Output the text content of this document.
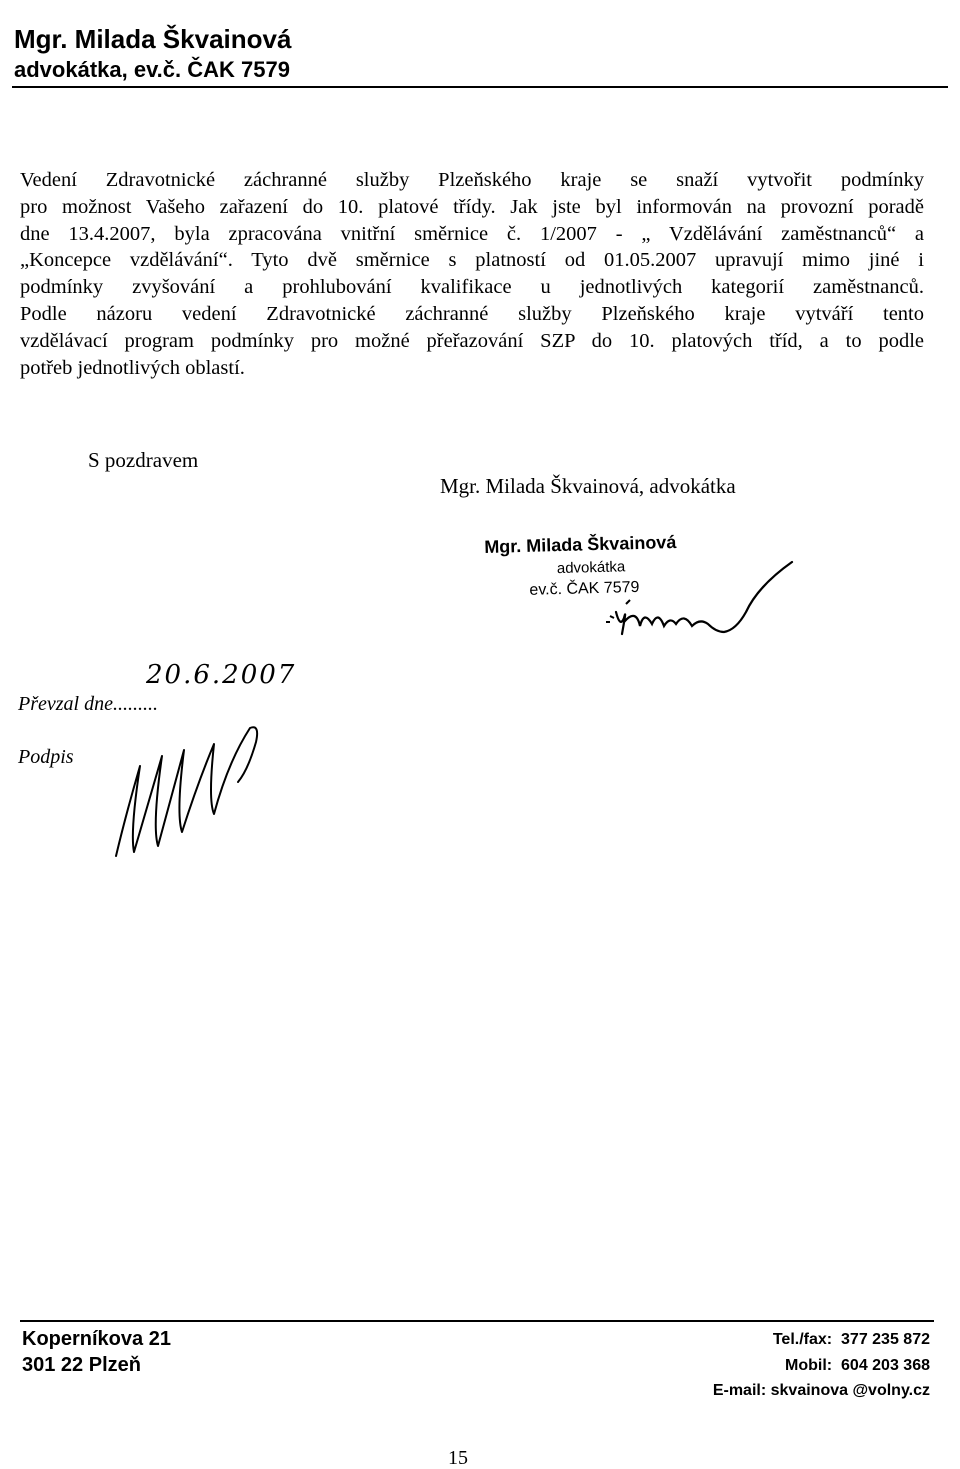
Mgr. Milada Škvainová
advokátka, ev.č. ČAK 7579
Vedení Zdravotnické záchranné služby Plzeňského kraje se snaží vytvořit podmínky
pro možnost Vašeho zařazení do 10. platové třídy. Jak jste byl informován na provozní poradě
dne 13.4.2007, byla zpracována vnitřní směrnice č. 1/2007 - „ Vzdělávání zaměstnanců“ a
„Koncepce vzdělávání“. Tyto dvě směrnice s platností od 01.05.2007 upravují mimo jiné i
podmínky zvyšování a prohlubování kvalifikace u jednotlivých kategorií zaměstnanců.
Podle názoru vedení Zdravotnické záchranné služby Plzeňského kraje vytváří tento
vzdělávací program podmínky pro možné přeřazování SZP do 10. platových tříd, a to podle
potřeb jednotlivých oblastí.
S pozdravem
Mgr. Milada Škvainová, advokátka
Mgr. Milada Škvainová
advokátka
ev.č. ČAK 7579
Převzal dne.........
20.6.2007
Podpis
Koperníkova 21
301 22 Plzeň
Tel./fax: 377 235 872
Mobil: 604 203 368
E-mail: skvainova @volny.cz
15
